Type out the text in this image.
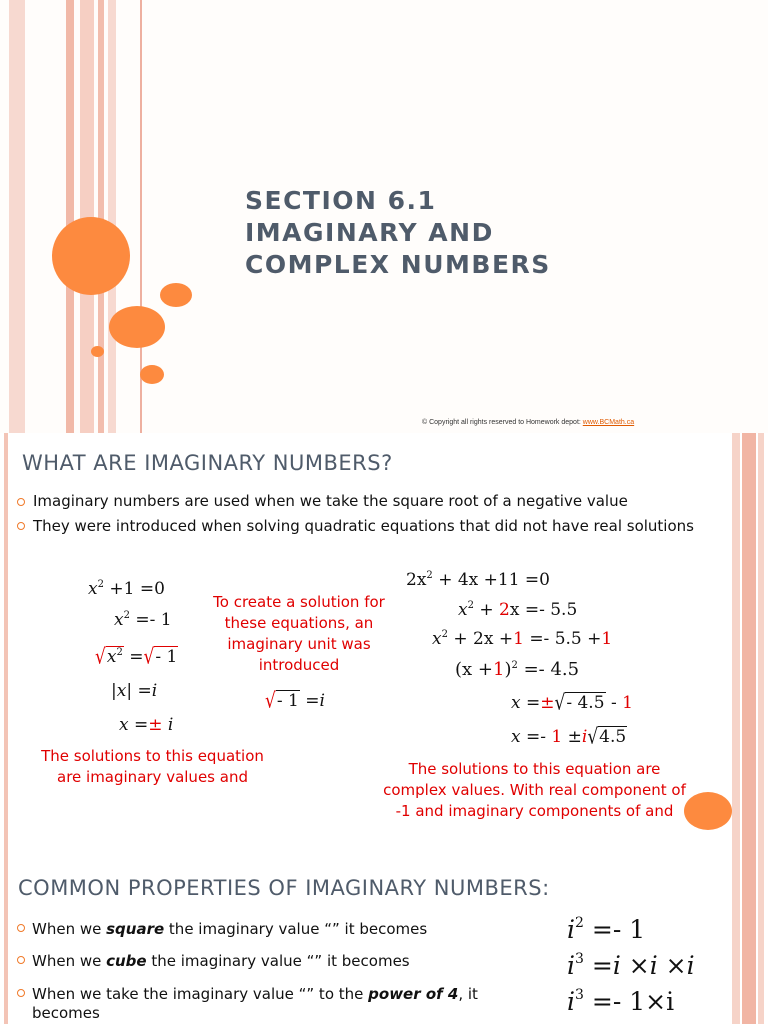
SECTION 6.1
IMAGINARY AND
COMPLEX NUMBERS
© Copyright all rights reserved to Homework depot: www.BCMath.ca
WHAT ARE IMAGINARY NUMBERS?
Imaginary numbers are used when we take the square root of a negative value
They were introduced when solving quadratic equations that did not have real solutions
$x^2 +1 =0$
$x^2 =- 1$
$√x^2$ =√- 1
|x| =i
x =± i
To create a solution for these equations, an imaginary unit was introduced
√- 1 =i
The solutions to this equation are imaginary values and
$2x^2 + 4x +11 =0$
$x^2 + 2x =- 5.5$
$x^2 + 2x +1 =- 5.5 +1$
$(x +1)^2 =- 4.5$
x =±√- 4.5 - 1
x =- 1 ±i√4.5
The solutions to this equation are complex values. With real component of -1 and imaginary components of and
COMMON PROPERTIES OF IMAGINARY NUMBERS:
When we square the imaginary value “” it becomes
When we cube the imaginary value “” it becomes
When we take the imaginary value “” to the power of 4, it becomes
$i^2 =- 1$
$i^3 =i \times i \times i$
$i^3 =- 1\times i$
